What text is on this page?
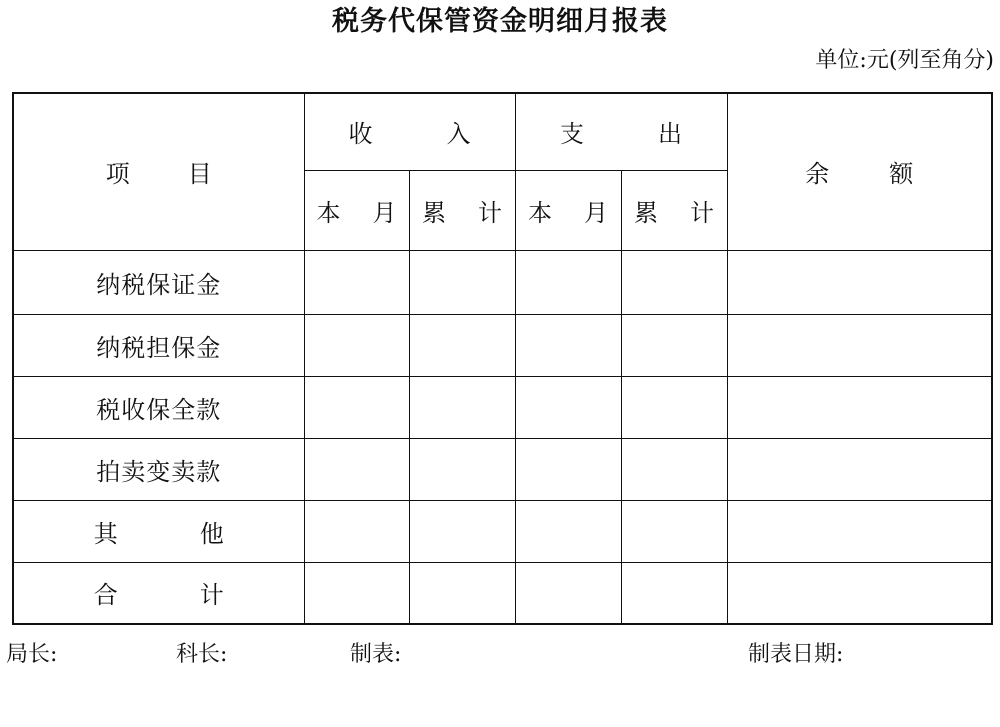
税务代保管资金明细月报表
单位:元(列至角分)
项 目	收 入		支 出		余 额

	本 月	累 计	本 月	累 计	

纳税保证金					
纳税担保金					
税收保全款					
拍卖变卖款					

其 他					

合 计					

局长:	科长:	制表:	制表日期:
